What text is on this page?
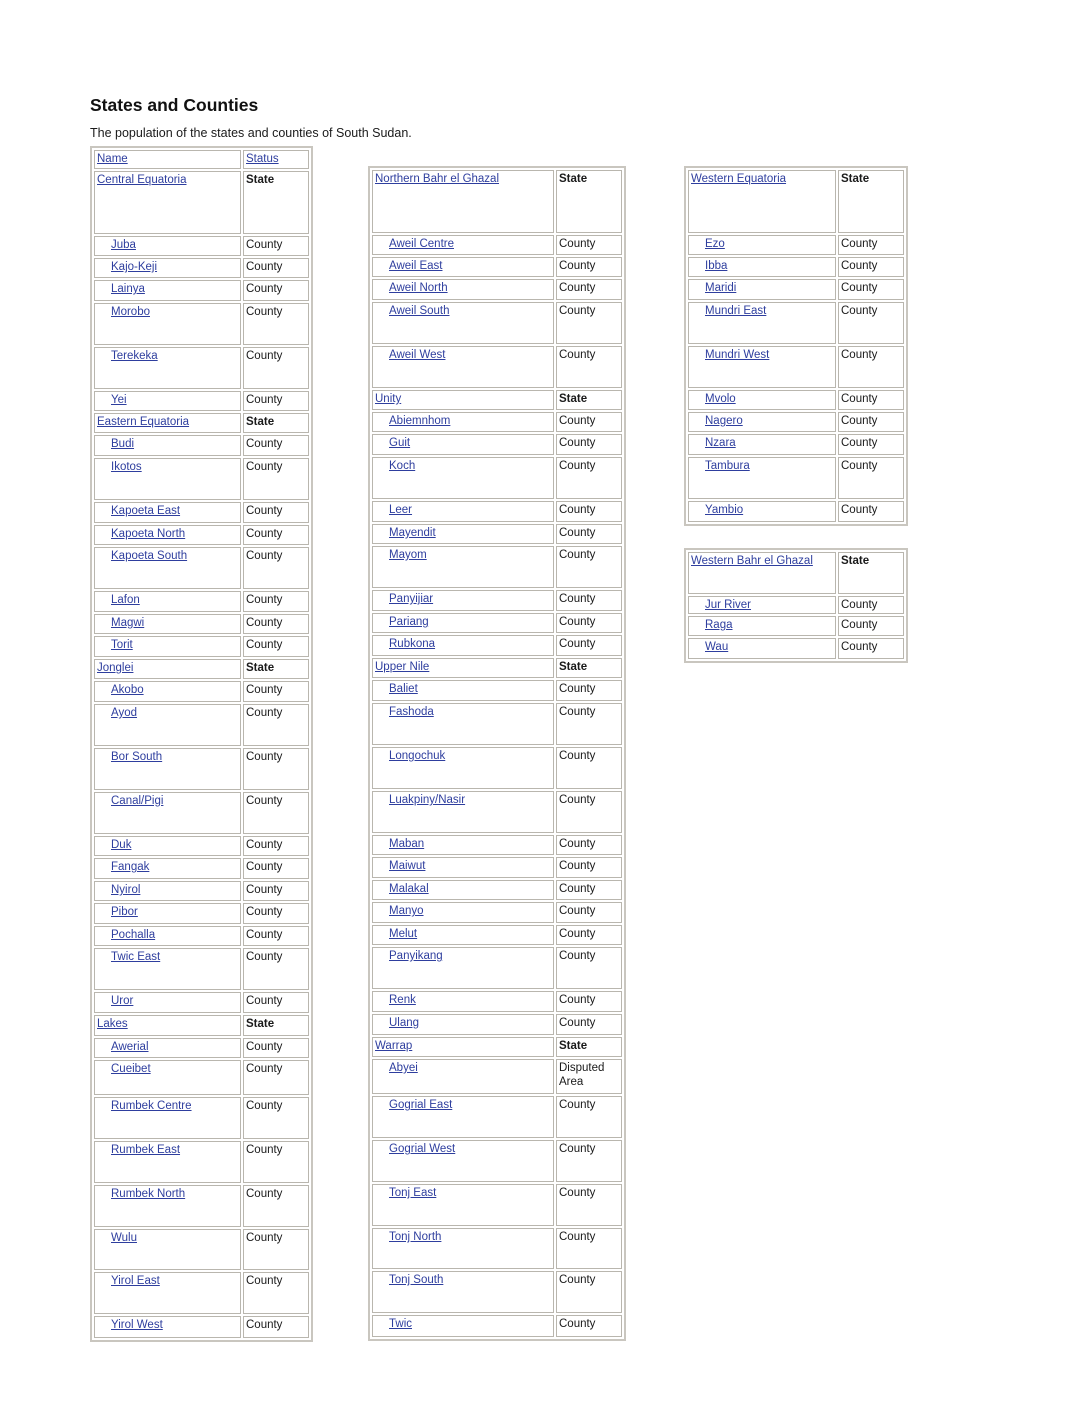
States and Counties
The population of the states and counties of South Sudan.
Name	Status
Central Equatoria	State
Juba	County
Kajo-Keji	County
Lainya	County
Morobo	County
Terekeka	County
Yei	County
Eastern Equatoria	State
Budi	County
Ikotos	County
Kapoeta East	County
Kapoeta North	County
Kapoeta South	County
Lafon	County
Magwi	County
Torit	County
Jonglei	State
Akobo	County
Ayod	County
Bor South	County
Canal/Pigi	County
Duk	County
Fangak	County
Nyirol	County
Pibor	County
Pochalla	County
Twic East	County
Uror	County
Lakes	State
Awerial	County
Cueibet	County
Rumbek Centre	County
Rumbek East	County
Rumbek North	County
Wulu	County
Yirol East	County
Yirol West	County
Northern Bahr el Ghazal	State
Aweil Centre	County
Aweil East	County
Aweil North	County
Aweil South	County
Aweil West	County
Unity	State
Abiemnhom	County
Guit	County
Koch	County
Leer	County
Mayendit	County
Mayom	County
Panyijiar	County
Pariang	County
Rubkona	County
Upper Nile	State
Baliet	County
Fashoda	County
Longochuk	County
Luakpiny/Nasir	County
Maban	County
Maiwut	County
Malakal	County
Manyo	County
Melut	County
Panyikang	County
Renk	County
Ulang	County
Warrap	State
Abyei	Disputed Area
Gogrial East	County
Gogrial West	County
Tonj East	County
Tonj North	County
Tonj South	County
Twic	County
Western Equatoria	State
Ezo	County
Ibba	County
Maridi	County
Mundri East	County
Mundri West	County
Mvolo	County
Nagero	County
Nzara	County
Tambura	County
Yambio	County
Western Bahr el Ghazal	State
Jur River	County
Raga	County
Wau	County
